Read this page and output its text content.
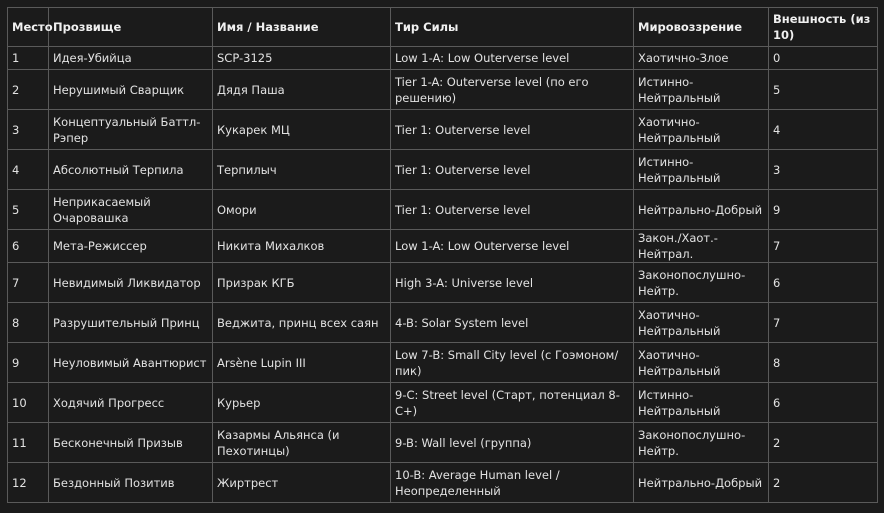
Место	Прозвище	Имя / Название	Тир Силы	Мировоззрение	Внешность (из 10)
1	Идея-Убийца	SCP-3125	Low 1-A: Low Outerverse level	Хаотично-Злое	0
2	Нерушимый Сварщик	Дядя Паша	Tier 1-A: Outerverse level (по его решению)	Истинно-Нейтральный	5
3	Концептуальный Баттл-Рэпер	Кукарек МЦ	Tier 1: Outerverse level	Хаотично-Нейтральный	4
4	Абсолютный Терпила	Терпилыч	Tier 1: Outerverse level	Истинно-Нейтральный	3
5	Неприкасаемый Очаровашка	Омори	Tier 1: Outerverse level	Нейтрально-Добрый	9
6	Мета-Режиссер	Никита Михалков	Low 1-A: Low Outerverse level	Закон./Хаот.-Нейтрал.	7
7	Невидимый Ликвидатор	Призрак КГБ	High 3-A: Universe level	Законопослушно-Нейтр.	6
8	Разрушительный Принц	Веджита, принц всех саян	4-B: Solar System level	Хаотично-Нейтральный	7
9	Неуловимый Авантюрист	Arsène Lupin III	Low 7-B: Small City level (с Гоэмоном/пик)	Хаотично-Нейтральный	8
10	Ходячий Прогресс	Курьер	9-C: Street level (Старт, потенциал 8-C+)	Истинно-Нейтральный	6
11	Бесконечный Призыв	Казармы Альянса (и Пехотинцы)	9-B: Wall level (группа)	Законопослушно-Нейтр.	2
12	Бездонный Позитив	Жиртрест	10-B: Average Human level / Неопределенный	Нейтрально-Добрый	2
